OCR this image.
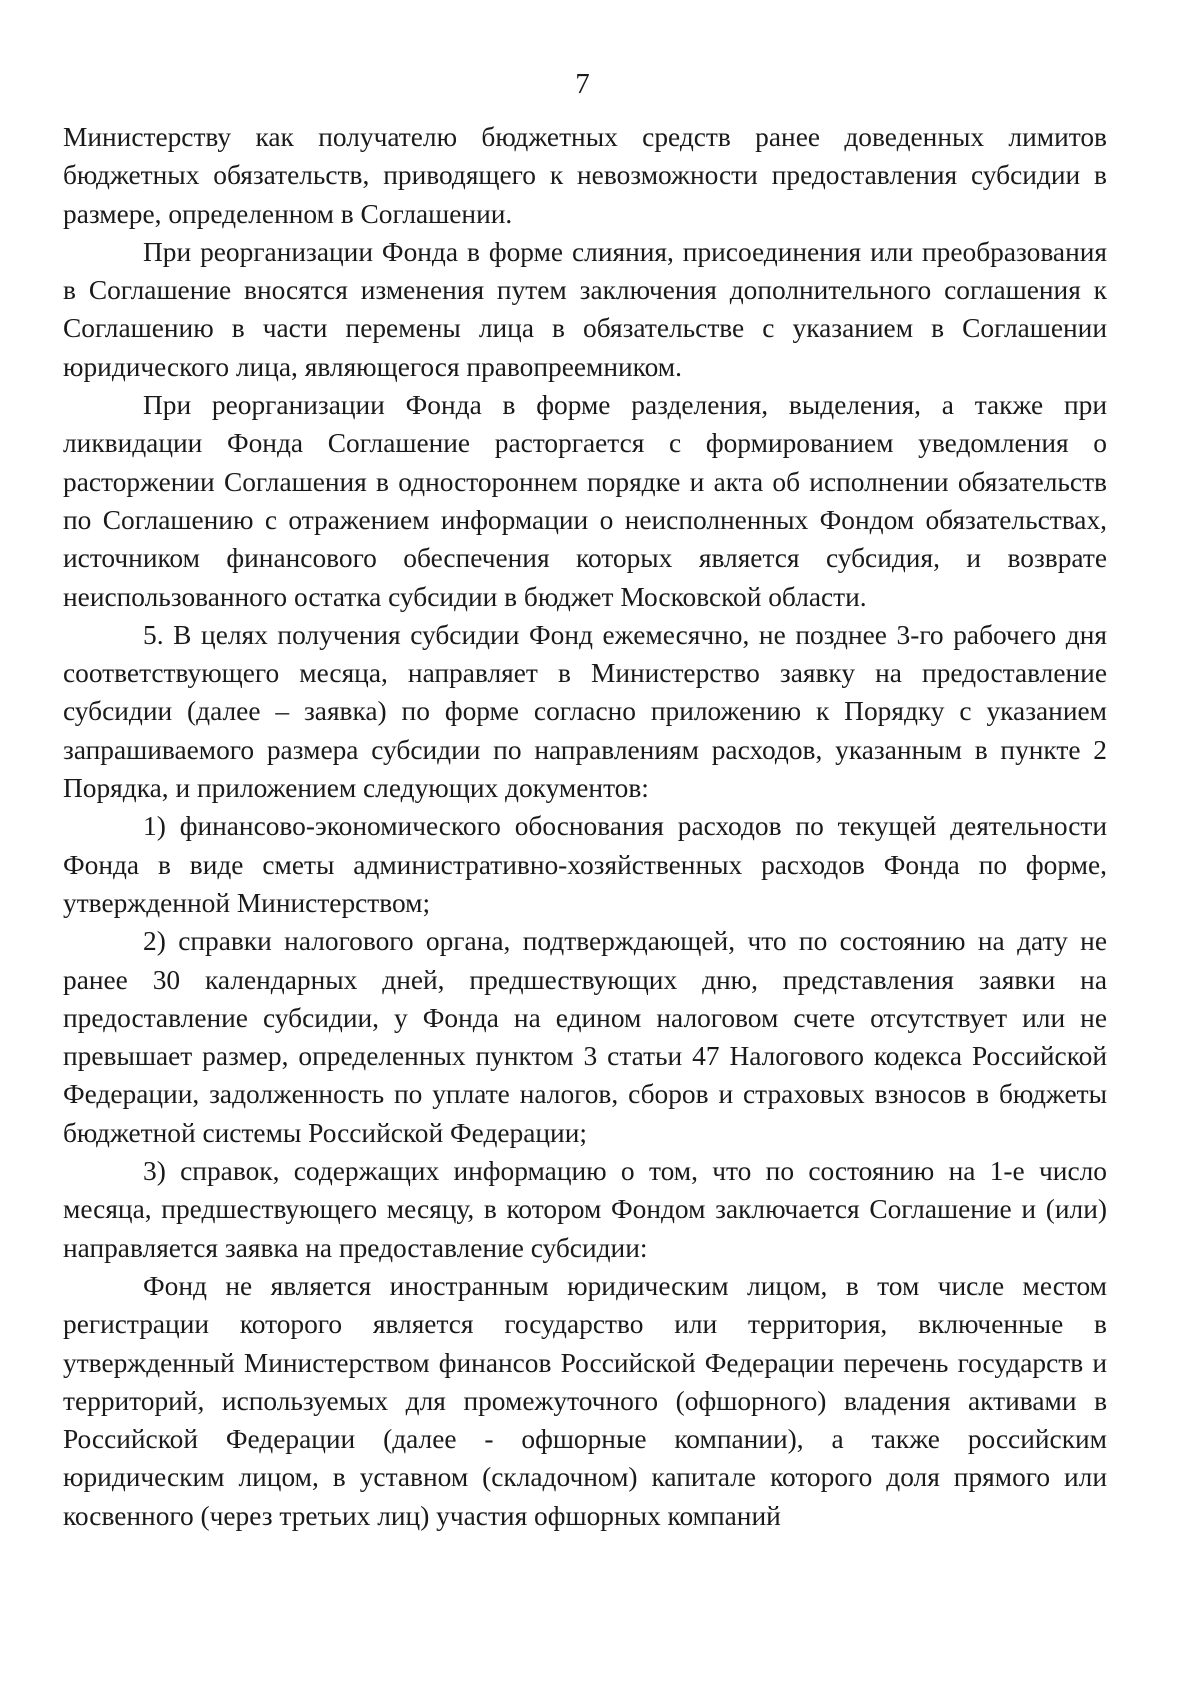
7

Министерству как получателю бюджетных средств ранее доведенных лимитов бюджетных обязательств, приводящего к невозможности предоставления субсидии в размере, определенном в Соглашении.

При реорганизации Фонда в форме слияния, присоединения или преобразования в Соглашение вносятся изменения путем заключения дополнительного соглашения к Соглашению в части перемены лица в обязательстве с указанием в Соглашении юридического лица, являющегося правопреемником.

При реорганизации Фонда в форме разделения, выделения, а также при ликвидации Фонда Соглашение расторгается с формированием уведомления о расторжении Соглашения в одностороннем порядке и акта об исполнении обязательств по Соглашению с отражением информации о неисполненных Фондом обязательствах, источником финансового обеспечения которых является субсидия, и возврате неиспользованного остатка субсидии в бюджет Московской области.

5. В целях получения субсидии Фонд ежемесячно, не позднее 3-го рабочего дня соответствующего месяца, направляет в Министерство заявку на предоставление субсидии (далее – заявка) по форме согласно приложению к Порядку с указанием запрашиваемого размера субсидии по направлениям расходов, указанным в пункте 2 Порядка, и приложением следующих документов:

1) финансово-экономического обоснования расходов по текущей деятельности Фонда в виде сметы административно-хозяйственных расходов Фонда по форме, утвержденной Министерством;

2) справки налогового органа, подтверждающей, что по состоянию на дату не ранее 30 календарных дней, предшествующих дню, представления заявки на предоставление субсидии, у Фонда на едином налоговом счете отсутствует или не превышает размер, определенных пунктом 3 статьи 47 Налогового кодекса Российской Федерации, задолженность по уплате налогов, сборов и страховых взносов в бюджеты бюджетной системы Российской Федерации;

3) справок, содержащих информацию о том, что по состоянию на 1-е число месяца, предшествующего месяцу, в котором Фондом заключается Соглашение и (или) направляется заявка на предоставление субсидии:

Фонд не является иностранным юридическим лицом, в том числе местом регистрации которого является государство или территория, включенные в утвержденный Министерством финансов Российской Федерации перечень государств и территорий, используемых для промежуточного (офшорного) владения активами в Российской Федерации (далее - офшорные компании), а также российским юридическим лицом, в уставном (складочном) капитале которого доля прямого или косвенного (через третьих лиц) участия офшорных компаний
